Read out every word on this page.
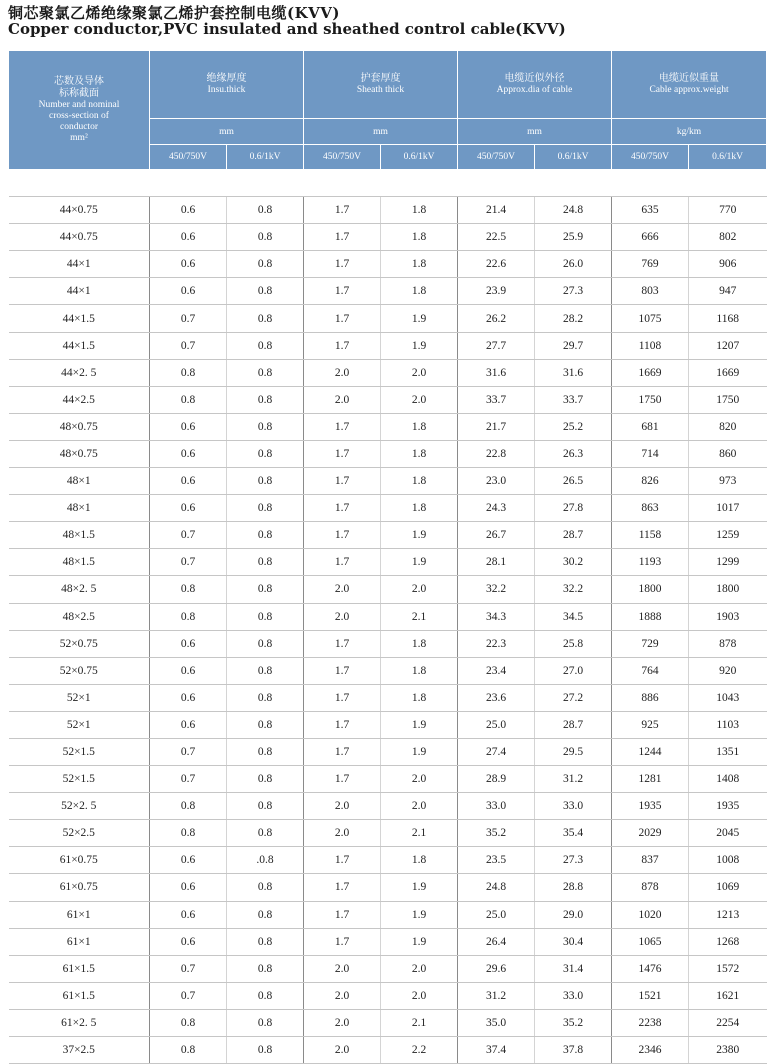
铜芯聚氯乙烯绝缘聚氯乙烯护套控制电缆(KVV)
Copper conductor,PVC insulated and sheathed control cable(KVV)
芯数及导体
标称截面
Number and nominal cross-section of conductor
mm²	绝缘厚度
Insu.thick		护套厚度
Sheath thick		电缆近似外径
Approx.dia of cable		电缆近似重量
Cable approx.weight	

	mm		mm		mm		kg/km	
	450/750V	0.6/1kV	450/750V	0.6/1kV	450/750V	0.6/1kV	450/750V	0.6/1kV

44×0.75	0.6	0.8	1.7	1.8	21.4	24.8	635	770
44×0.75	0.6	0.8	1.7	1.8	22.5	25.9	666	802
44×1	0.6	0.8	1.7	1.8	22.6	26.0	769	906
44×1	0.6	0.8	1.7	1.8	23.9	27.3	803	947
44×1.5	0.7	0.8	1.7	1.9	26.2	28.2	1075	1168
44×1.5	0.7	0.8	1.7	1.9	27.7	29.7	1108	1207
44×2. 5	0.8	0.8	2.0	2.0	31.6	31.6	1669	1669
44×2.5	0.8	0.8	2.0	2.0	33.7	33.7	1750	1750
48×0.75	0.6	0.8	1.7	1.8	21.7	25.2	681	820
48×0.75	0.6	0.8	1.7	1.8	22.8	26.3	714	860
48×1	0.6	0.8	1.7	1.8	23.0	26.5	826	973
48×1	0.6	0.8	1.7	1.8	24.3	27.8	863	1017
48×1.5	0.7	0.8	1.7	1.9	26.7	28.7	1158	1259
48×1.5	0.7	0.8	1.7	1.9	28.1	30.2	1193	1299
48×2. 5	0.8	0.8	2.0	2.0	32.2	32.2	1800	1800
48×2.5	0.8	0.8	2.0	2.1	34.3	34.5	1888	1903
52×0.75	0.6	0.8	1.7	1.8	22.3	25.8	729	878
52×0.75	0.6	0.8	1.7	1.8	23.4	27.0	764	920
52×1	0.6	0.8	1.7	1.8	23.6	27.2	886	1043
52×1	0.6	0.8	1.7	1.9	25.0	28.7	925	1103
52×1.5	0.7	0.8	1.7	1.9	27.4	29.5	1244	1351
52×1.5	0.7	0.8	1.7	2.0	28.9	31.2	1281	1408
52×2. 5	0.8	0.8	2.0	2.0	33.0	33.0	1935	1935
52×2.5	0.8	0.8	2.0	2.1	35.2	35.4	2029	2045
61×0.75	0.6	.0.8	1.7	1.8	23.5	27.3	837	1008
61×0.75	0.6	0.8	1.7	1.9	24.8	28.8	878	1069
61×1	0.6	0.8	1.7	1.9	25.0	29.0	1020	1213
61×1	0.6	0.8	1.7	1.9	26.4	30.4	1065	1268
61×1.5	0.7	0.8	2.0	2.0	29.6	31.4	1476	1572
61×1.5	0.7	0.8	2.0	2.0	31.2	33.0	1521	1621
61×2. 5	0.8	0.8	2.0	2.1	35.0	35.2	2238	2254
37×2.5	0.8	0.8	2.0	2.2	37.4	37.8	2346	2380
